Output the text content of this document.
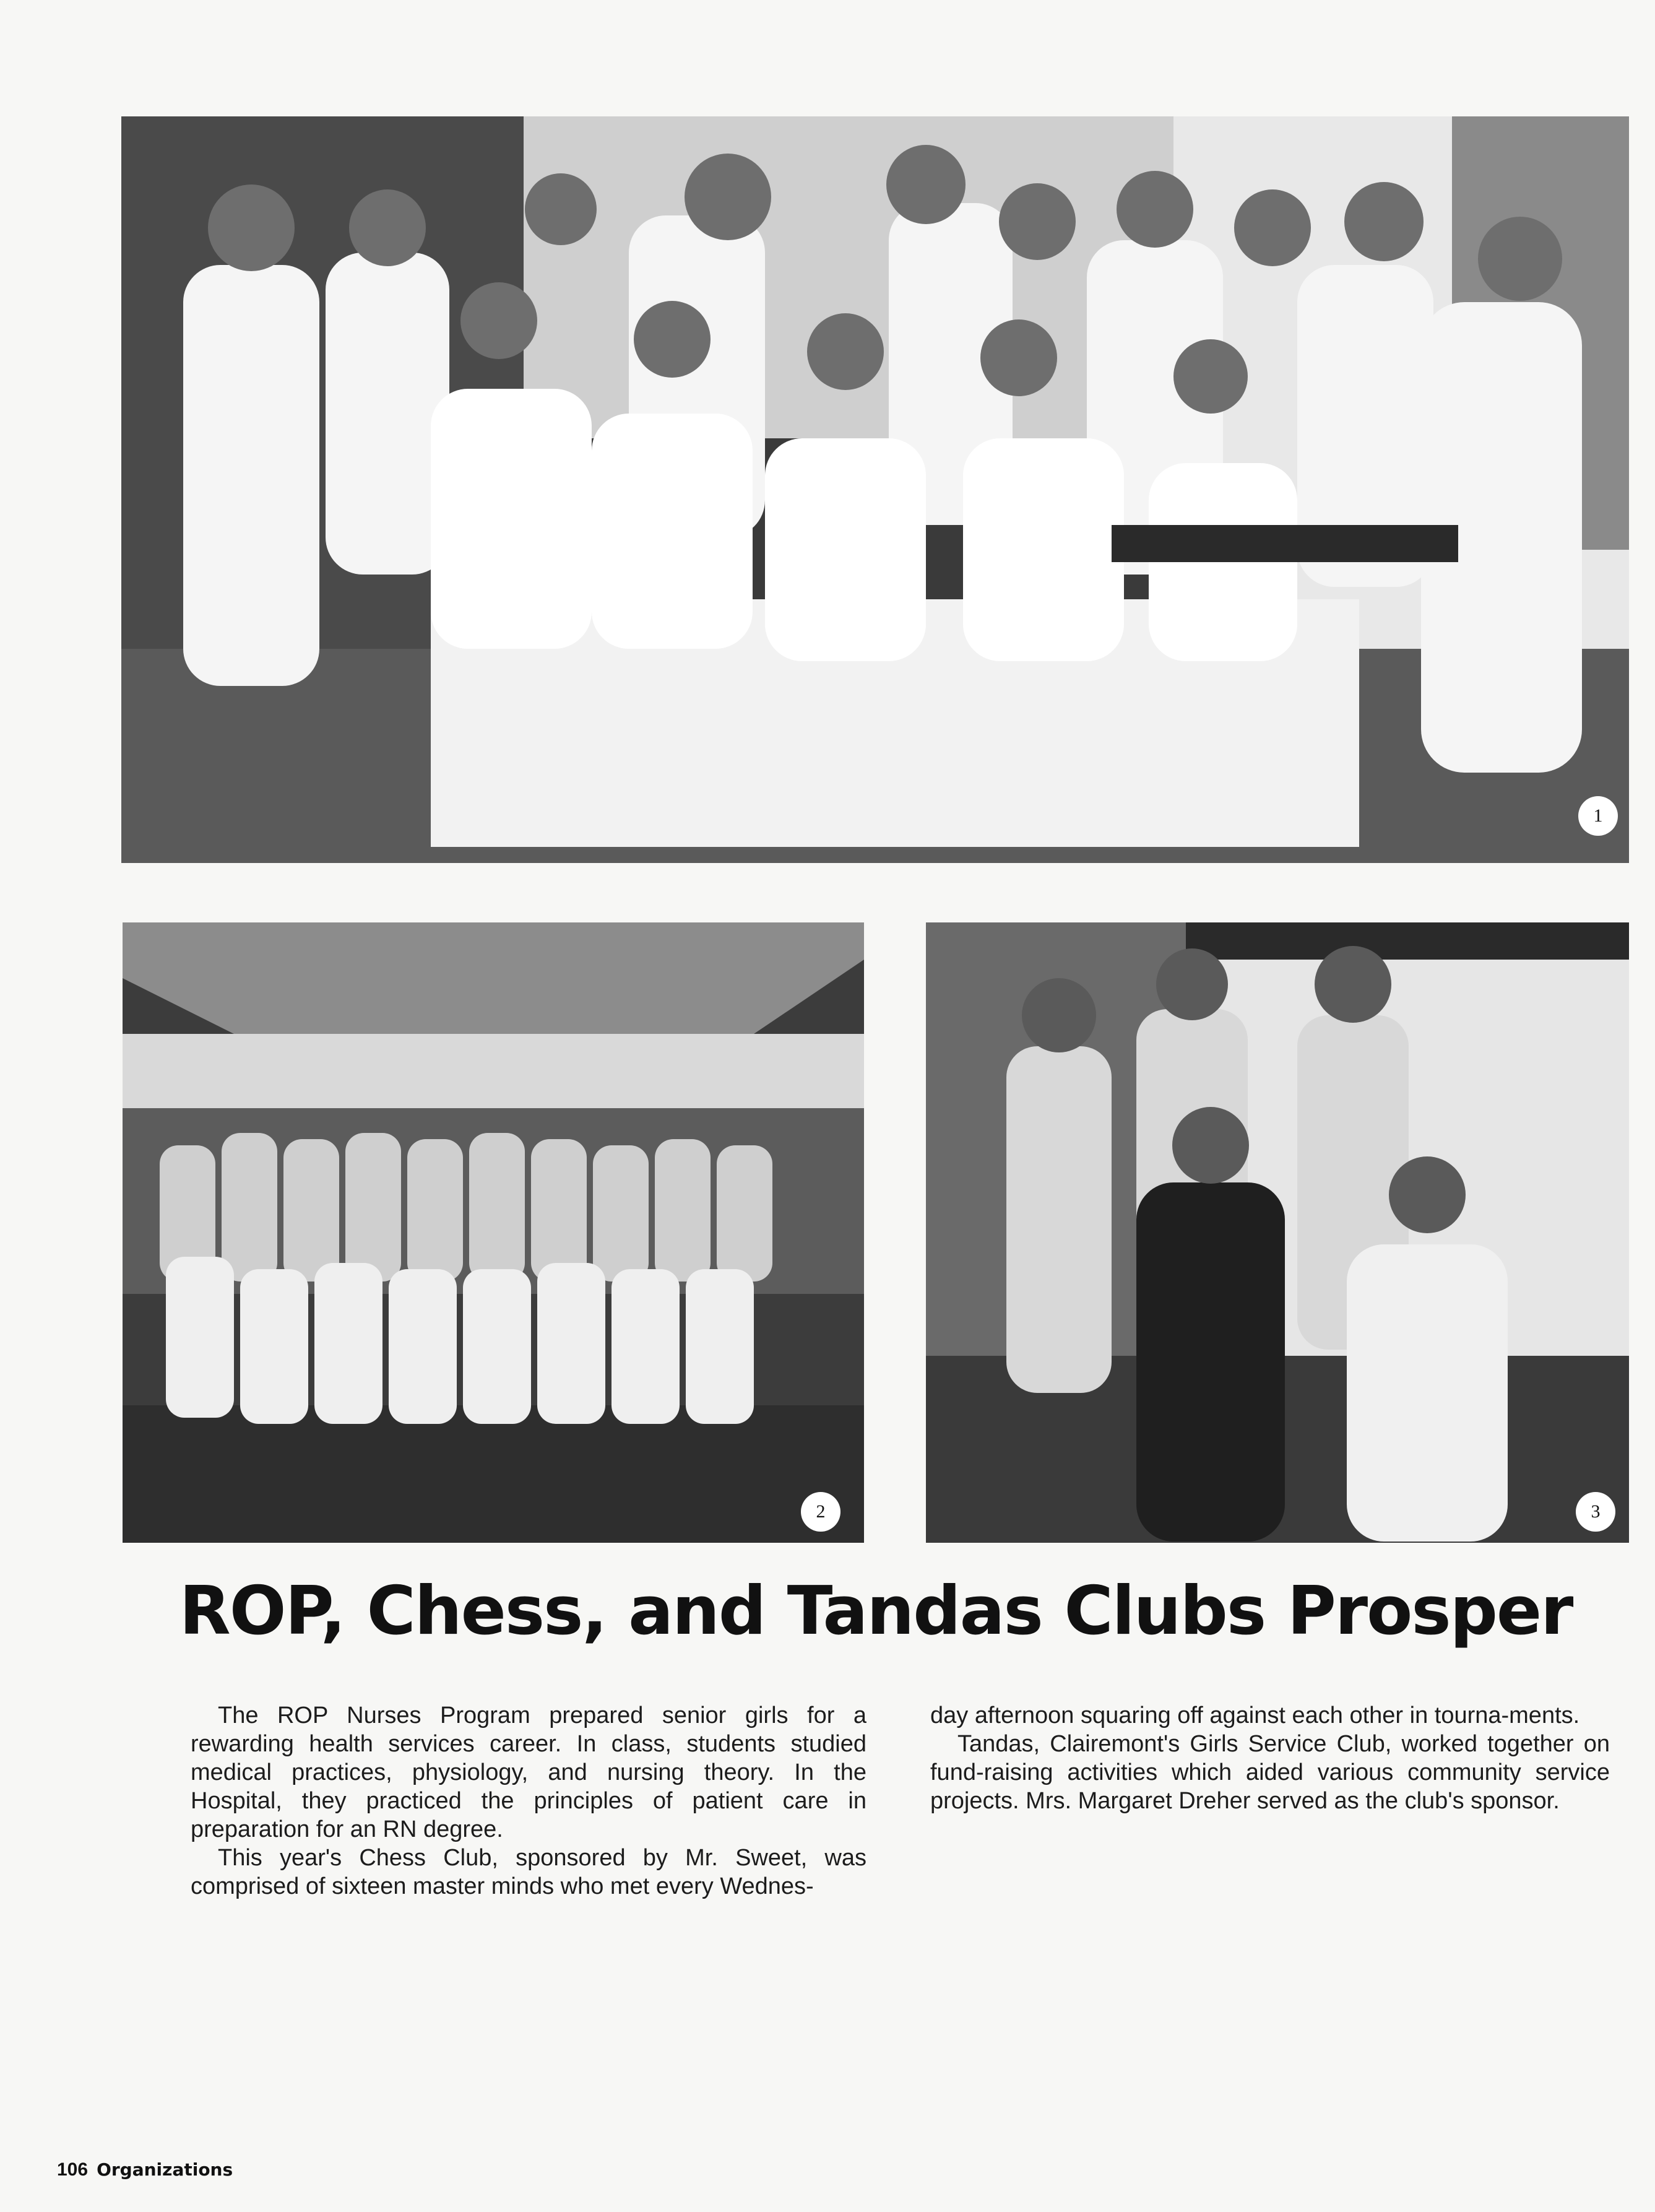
1
2	3
ROP, Chess, and Tandas Clubs Prosper

The ROP Nurses Program prepared senior girls for a rewarding health services career. In class, students studied medical practices, physiology, and nursing theory. In the Hospital, they practiced the principles of patient care in preparation for an RN degree.

This year's Chess Club, sponsored by Mr. Sweet, was comprised of sixteen master minds who met every Wednes-

day afternoon squaring off against each other in tourna-ments.

Tandas, Clairemont's Girls Service Club, worked together on fund-raising activities which aided various community service projects. Mrs. Margaret Dreher served as the club's sponsor.

106 Organizations
